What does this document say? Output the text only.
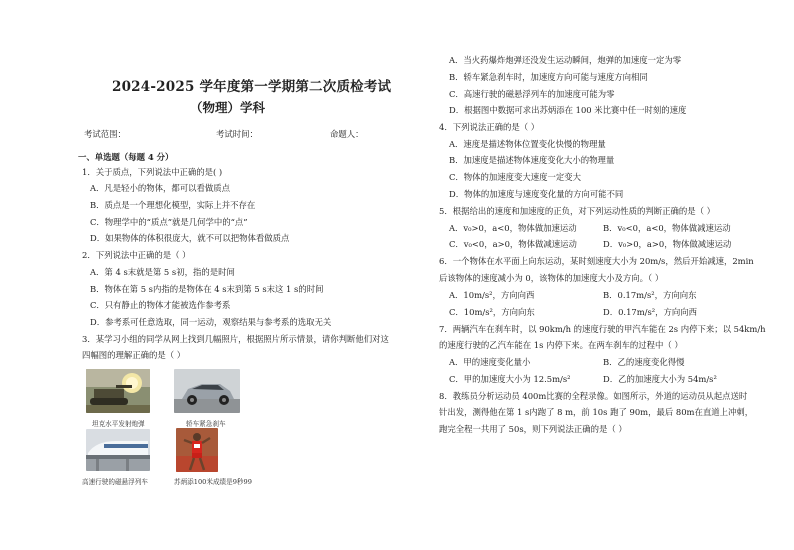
2024-2025 学年度第一学期第二次质检考试
（物理）学科
考试范围：	考试时间：	命题人：
一、单选题（每题 4 分）
1．关于质点，下列说法中正确的是( )
A．凡是轻小的物体，都可以看做质点
B．质点是一个理想化模型，实际上并不存在
C．物理学中的“质点”就是几何学中的“点”
D．如果物体的体积很庞大，就不可以把物体看做质点
2．下列说法中正确的是（ ）
A．第 4 s末就是第 5 s初，指的是时间
B．物体在第 5 s内指的是物体在 4 s末到第 5 s末这 1 s的时间
C．只有静止的物体才能被选作参考系
D．参考系可任意选取，同一运动，观察结果与参考系的选取无关
3．某学习小组的同学从网上找到几幅照片，根据照片所示情景，请你判断他们对这
四幅图的理解正确的是（ ）
坦克水平发射炮弹	轿车紧急刹车
高速行驶的磁悬浮列车	苏炳添100米成绩是9秒99
A．当火药爆炸炮弹还没发生运动瞬间，炮弹的加速度一定为零
B．轿车紧急刹车时，加速度方向可能与速度方向相同
C．高速行驶的磁悬浮列车的加速度可能为零
D．根据图中数据可求出苏炳添在 100 米比赛中任一时刻的速度
4．下列说法正确的是（ ）
A．速度是描述物体位置变化快慢的物理量
B．加速度是描述物体速度变化大小的物理量
C．物体的加速度变大速度一定变大
D．物体的加速度与速度变化量的方向可能不同
5．根据给出的速度和加速度的正负，对下列运动性质的判断正确的是（ ）
A．v₀>0，a<0，物体做加速运动	B．v₀<0，a<0，物体做减速运动
C．v₀<0，a>0，物体做减速运动	D．v₀>0，a>0，物体做减速运动
6．一个物体在水平面上向东运动，某时刻速度大小为 20m/s，然后开始减速，2min
后该物体的速度减小为 0，该物体的加速度大小及方向。（ ）
A．10m/s²，方向向西	B．0.17m/s²，方向向东
C．10m/s²，方向向东	D．0.17m/s²，方向向西
7．两辆汽车在刹车时，以 90km/h 的速度行驶的甲汽车能在 2s 内停下来；以 54km/h
的速度行驶的乙汽车能在 1s 内停下来。在两车刹车的过程中（ ）
A．甲的速度变化量小	B．乙的速度变化得慢
C．甲的加速度大小为 12.5m/s²	D．乙的加速度大小为 54m/s²
8．教练员分析运动员 400m比赛的全程录像。如图所示，外道的运动员从起点送时
针出发，测得他在第 1 s内跑了 8 m，前 10s 跑了 90m，最后 80m在直道上冲刺，
跑完全程一共用了 50s，则下列说法正确的是（ ）
